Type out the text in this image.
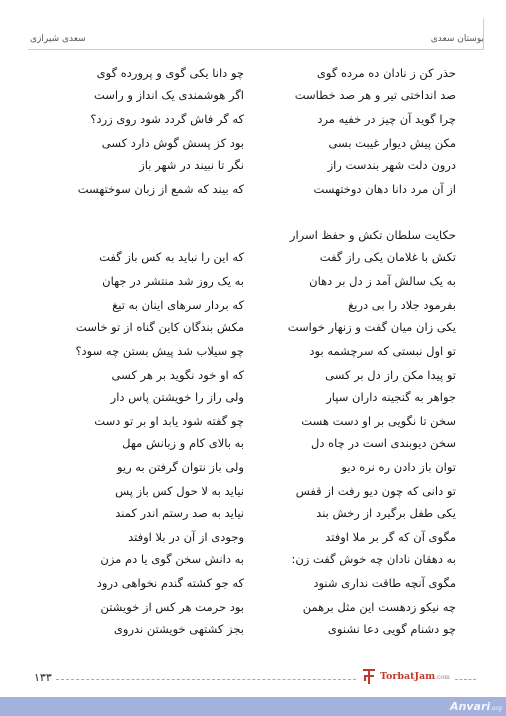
سعدی شیرازی	بوستان سعدی
حذر کن ز نادان ده مرده گوی
صد انداختی تیر و هر صد خطاست
چرا گوید آن چیز در خفیه مرد
مکن پیش دیوار غیبت بسی
درون دلت شهر بندست راز
از آن مرد دانا دهان دوختهست
حکایت سلطان تکش و حفظ اسرار
تکش با غلامان یکی راز گفت
به یک سالش آمد ز دل بر دهان
بفرمود جلاد را بی دریغ
یکی زان میان گفت و زنهار خواست
تو اول نبستی که سرچشمه بود
تو پیدا مکن راز دل بر کسی
جواهر به گنجینه داران سپار
سخن تا نگویی بر او دست هست
سخن دیوبندی است در چاه دل
توان باز دادن ره نره دیو
تو دانی که چون دیو رفت از قفس
یکی طفل برگیرد از رخش بند
مگوی آن که گر بر ملا اوفتد
به دهقان نادان چه خوش گفت زن:
مگوی آنچه طاقت نداری شنود
چه نیکو زدهست این مثل برهمن
چو دشنام گویی دعا نشنوی
چو دانا یکی گوی و پرورده گوی
اگر هوشمندی یک انداز و راست
که گر فاش گردد شود روی زرد؟
بود کز پسش گوش دارد کسی
نگر تا نبیند در شهر باز
که بیند که شمع از زبان سوختهست
که این را نباید به کس باز گفت
به یک روز شد منتشر در جهان
که بردار سرهای اینان به تیغ
مکش بندگان کاین گناه از تو خاست
چو سیلاب شد پیش بستن چه سود؟
که او خود نگوید بر هر کسی
ولی راز را خویشتن پاس دار
چو گفته شود یابد او بر تو دست
به بالای کام و زبانش مهل
ولی باز نتوان گرفتن به ریو
نیاید به لا حول کس باز پس
نیاید به صد رستم اندر کمند
وجودی از آن در بلا اوفتد
به دانش سخن گوی یا دم مزن
که جو کشته گندم نخواهی درود
بود حرمت هر کس از خویشتن
بجز کشتهی خویشتن ندروی
١٣٣	TorbatJam.com
Anvari.org
